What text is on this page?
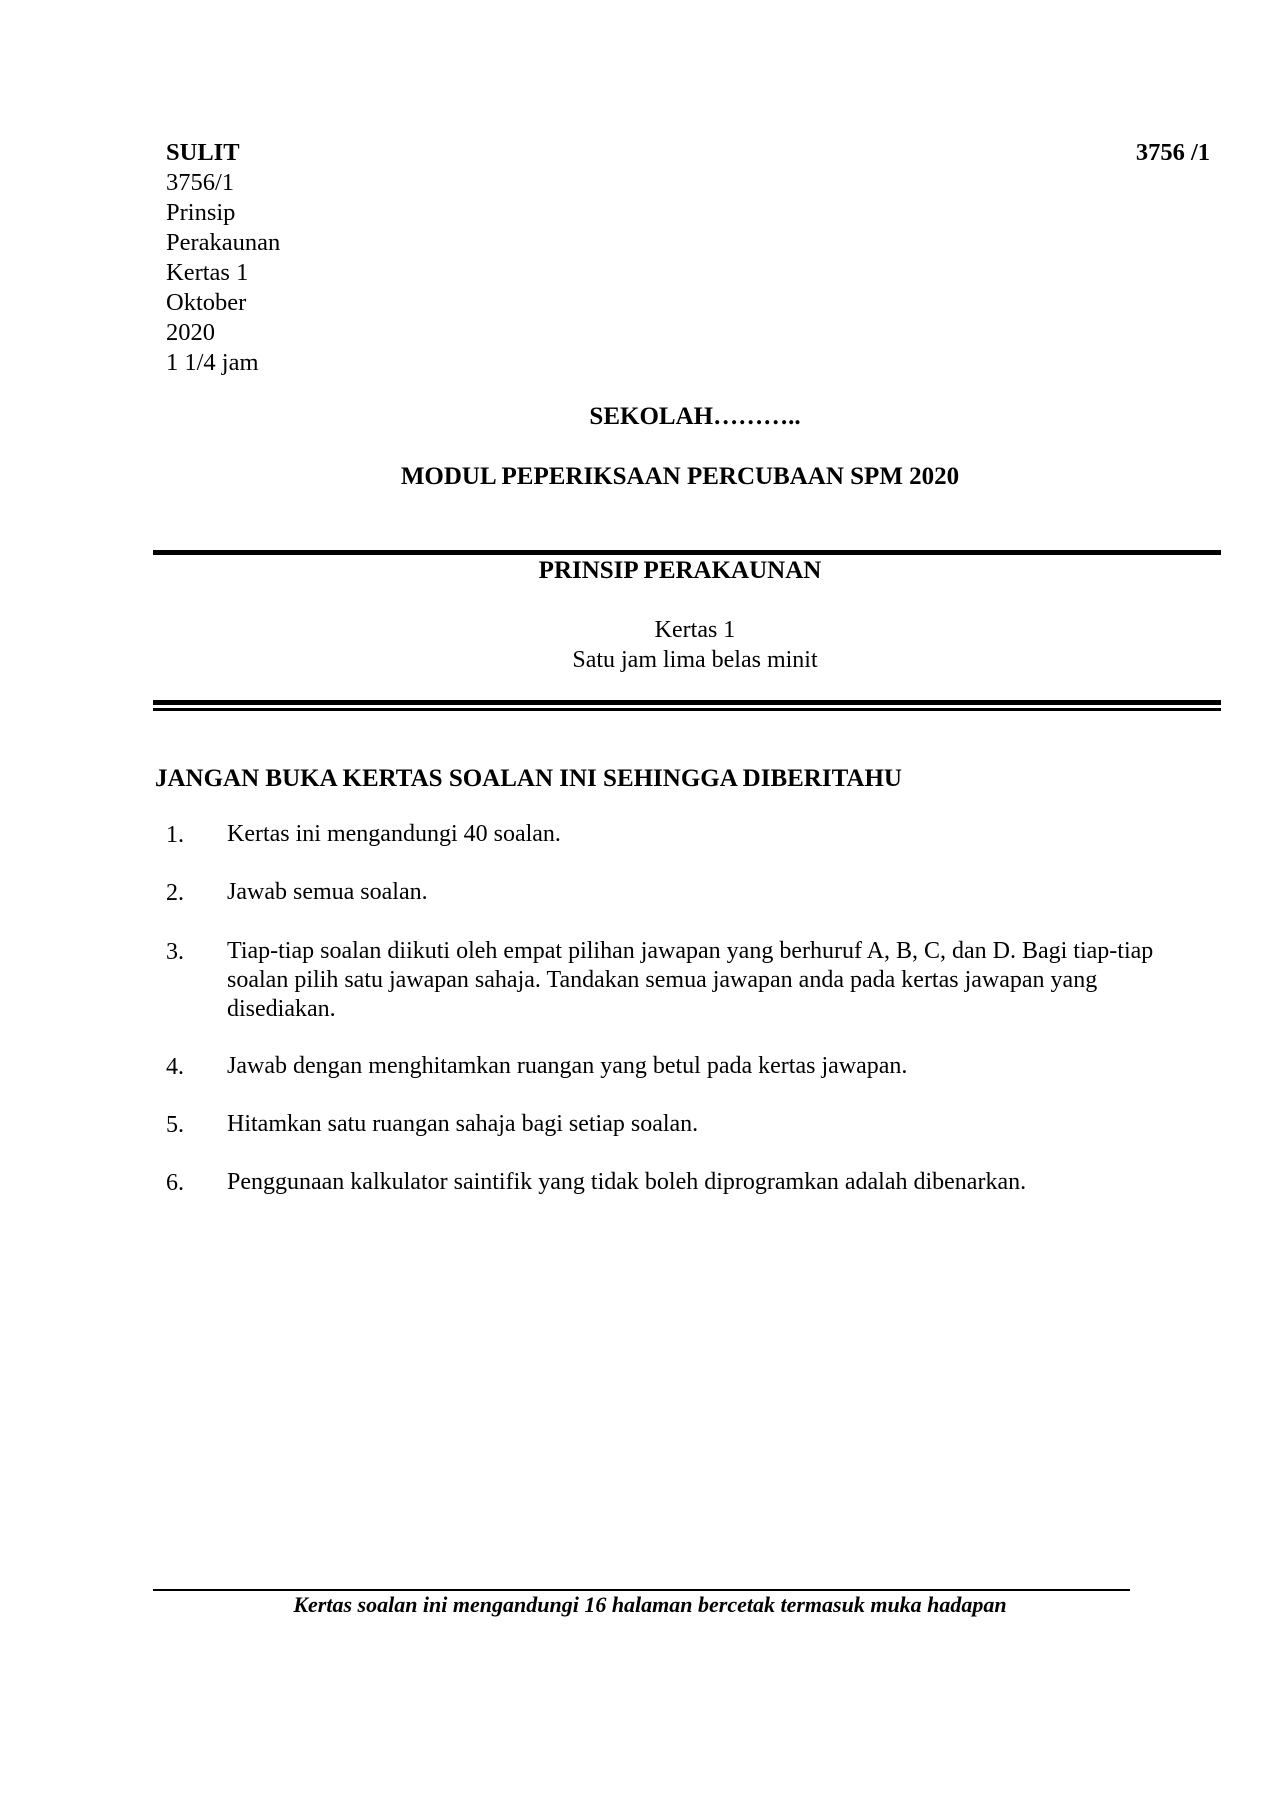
SULIT
3756/1
Prinsip
Perakaunan
Kertas 1
Oktober
2020
1 1/4 jam
3756 /1
SEKOLAH………..
MODUL PEPERIKSAAN PERCUBAAN SPM 2020
PRINSIP PERAKAUNAN
Kertas 1
Satu jam lima belas minit
JANGAN BUKA KERTAS SOALAN INI SEHINGGA DIBERITAHU
1. Kertas ini mengandungi 40 soalan.
2. Jawab semua soalan.
3. Tiap-tiap soalan diikuti oleh empat pilihan jawapan yang berhuruf A, B, C, dan D. Bagi tiap-tiap soalan pilih satu jawapan sahaja. Tandakan semua jawapan anda pada kertas jawapan yang disediakan.
4. Jawab dengan menghitamkan ruangan yang betul pada kertas jawapan.
5. Hitamkan satu ruangan sahaja bagi setiap soalan.
6. Penggunaan kalkulator saintifik yang tidak boleh diprogramkan adalah dibenarkan.
Kertas soalan ini mengandungi 16 halaman bercetak termasuk muka hadapan
